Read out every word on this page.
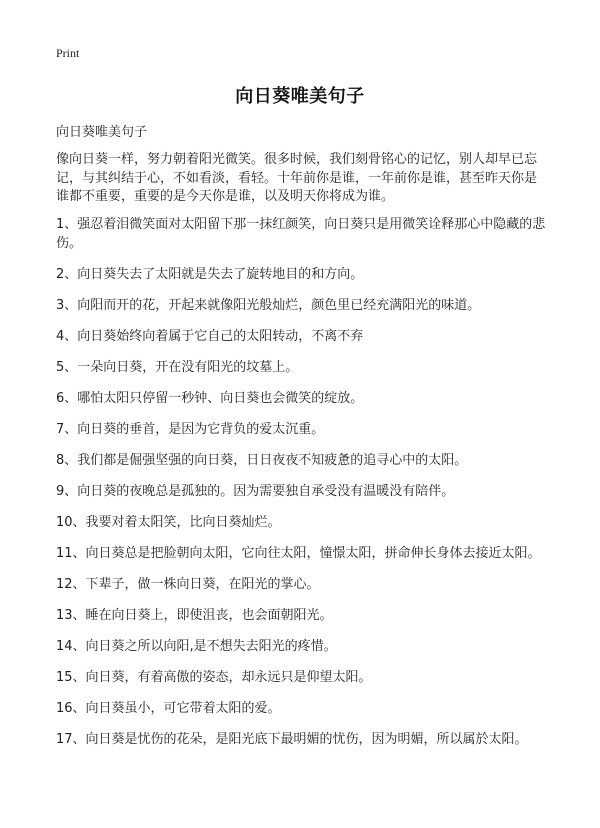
Print
向日葵唯美句子
向日葵唯美句子
像向日葵一样，努力朝着阳光微笑。很多时候，我们刻骨铭心的记忆，别人却早已忘记，与其纠结于心，不如看淡，看轻。十年前你是谁，一年前你是谁，甚至昨天你是谁都不重要，重要的是今天你是谁，以及明天你将成为谁。
1、强忍着泪微笑面对太阳留下那一抹红颜笑，向日葵只是用微笑诠释那心中隐藏的悲伤。
2、向日葵失去了太阳就是失去了旋转地目的和方向。
3、向阳而开的花，开起来就像阳光般灿烂，颜色里已经充满阳光的味道。
4、向日葵始终向着属于它自己的太阳转动，不离不弃
5、一朵向日葵，开在没有阳光的坟墓上。
6、哪怕太阳只停留一秒钟、向日葵也会微笑的绽放。
7、向日葵的垂首，是因为它背负的爱太沉重。
8、我们都是倔强坚强的向日葵，日日夜夜不知疲惫的追寻心中的太阳。
9、向日葵的夜晚总是孤独的。因为需要独自承受没有温暖没有陪伴。
10、我要对着太阳笑，比向日葵灿烂。
11、向日葵总是把脸朝向太阳，它向往太阳，憧憬太阳，拼命伸长身体去接近太阳。
12、下辈子，做一株向日葵，在阳光的掌心。
13、睡在向日葵上，即使沮丧，也会面朝阳光。
14、向日葵之所以向阳,是不想失去阳光的疼惜。
15、向日葵，有着高傲的姿态，却永远只是仰望太阳。
16、向日葵虽小，可它带着太阳的爱。
17、向日葵是忧伤的花朵，是阳光底下最明媚的忧伤，因为明媚，所以属於太阳。
